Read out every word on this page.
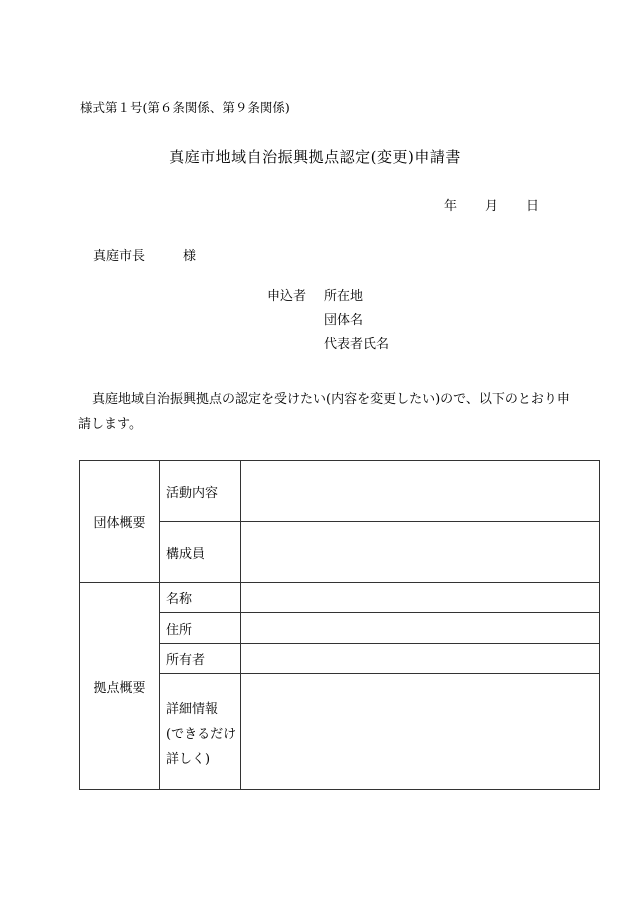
様式第１号(第６条関係、第９条関係)
真庭市地域自治振興拠点認定(変更)申請書
年 月 日
真庭市長	様
申込者 所在地
団体名
代表者氏名
真庭地域自治振興拠点の認定を受けたい(内容を変更したい)ので、以下のとおり申請します。
団体概要	活動内容	
	構成員	
拠点概要	名称	
	住所	
	所有者	

	詳細情報
(できるだけ
詳しく)	
